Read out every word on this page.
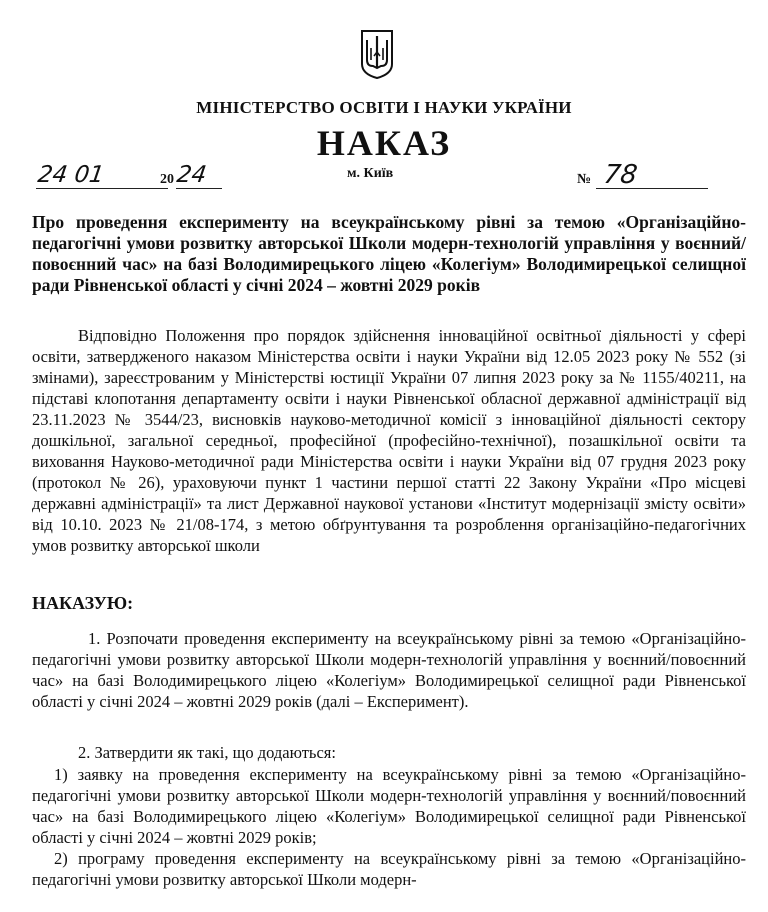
МІНІСТЕРСТВО ОСВІТИ І НАУКИ УКРАЇНИ
НАКАЗ
24 01	20 24	м. Київ	№ 78
Про проведення експерименту на всеукраїнському рівні за темою «Організаційно-педагогічні умови розвитку авторської Школи модерн-технологій управління у воєнний/повоєнний час» на базі Володимирецького ліцею «Колегіум» Володимирецької селищної ради Рівненської області у січні 2024 – жовтні 2029 років

Відповідно Положення про порядок здійснення інноваційної освітньої діяльності у сфері освіти, затвердженого наказом Міністерства освіти і науки України від 12.05 2023 року № 552 (зі змінами), зареєстрованим у Міністерстві юстиції України 07 липня 2023 року за № 1155/40211, на підставі клопотання департаменту освіти і науки Рівненської обласної державної адміністрації від 23.11.2023 № 3544/23, висновків науково-методичної комісії з інноваційної діяльності сектору дошкільної, загальної середньої, професійної (професійно-технічної), позашкільної освіти та виховання Науково-методичної ради Міністерства освіти і науки України від 07 грудня 2023 року (протокол № 26), ураховуючи пункт 1 частини першої статті 22 Закону України «Про місцеві державні адміністрації» та лист Державної наукової установи «Інститут модернізації змісту освіти» від 10.10. 2023 № 21/08-174, з метою обґрунтування та розроблення організаційно-педагогічних умов розвитку авторської школи

НАКАЗУЮ:

1. Розпочати проведення експерименту на всеукраїнському рівні за темою «Організаційно-педагогічні умови розвитку авторської Школи модерн-технологій управління у воєнний/повоєнний час» на базі Володимирецького ліцею «Колегіум» Володимирецької селищної ради Рівненської області у січні 2024 – жовтні 2029 років (далі – Експеримент).

2. Затвердити як такі, що додаються:

1) заявку на проведення експерименту на всеукраїнському рівні за темою «Організаційно-педагогічні умови розвитку авторської Школи модерн-технологій управління у воєнний/повоєнний час» на базі Володимирецького ліцею «Колегіум» Володимирецької селищної ради Рівненської області у січні 2024 – жовтні 2029 років;

2) програму проведення експерименту на всеукраїнському рівні за темою «Організаційно-педагогічні умови розвитку авторської Школи модерн-
